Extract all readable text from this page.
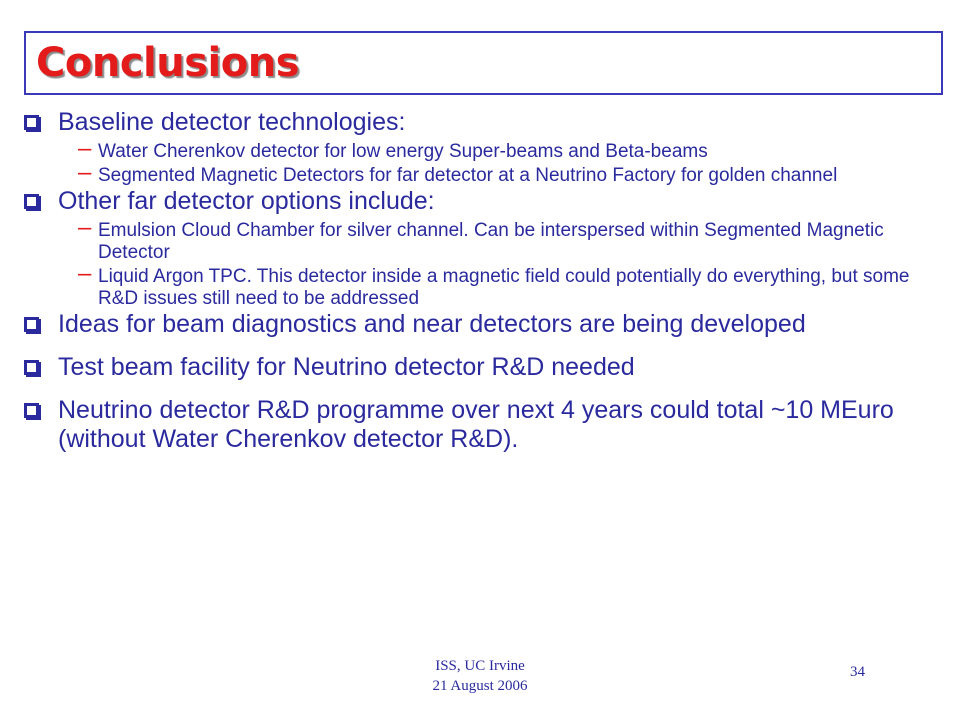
Conclusions
Baseline detector technologies:
– Water Cherenkov detector for low energy Super-beams and Beta-beams
– Segmented Magnetic Detectors for far detector at a Neutrino Factory for golden channel
Other far detector options include:
– Emulsion Cloud Chamber for silver channel. Can be interspersed within Segmented Magnetic Detector
– Liquid Argon TPC. This detector inside a magnetic field could potentially do everything, but some R&D issues still need to be addressed
Ideas for beam diagnostics and near detectors are being developed
Test beam facility for Neutrino detector R&D needed
Neutrino detector R&D programme over next 4 years could total ~10 MEuro (without Water Cherenkov detector R&D).
ISS, UC Irvine
21 August 2006
34
